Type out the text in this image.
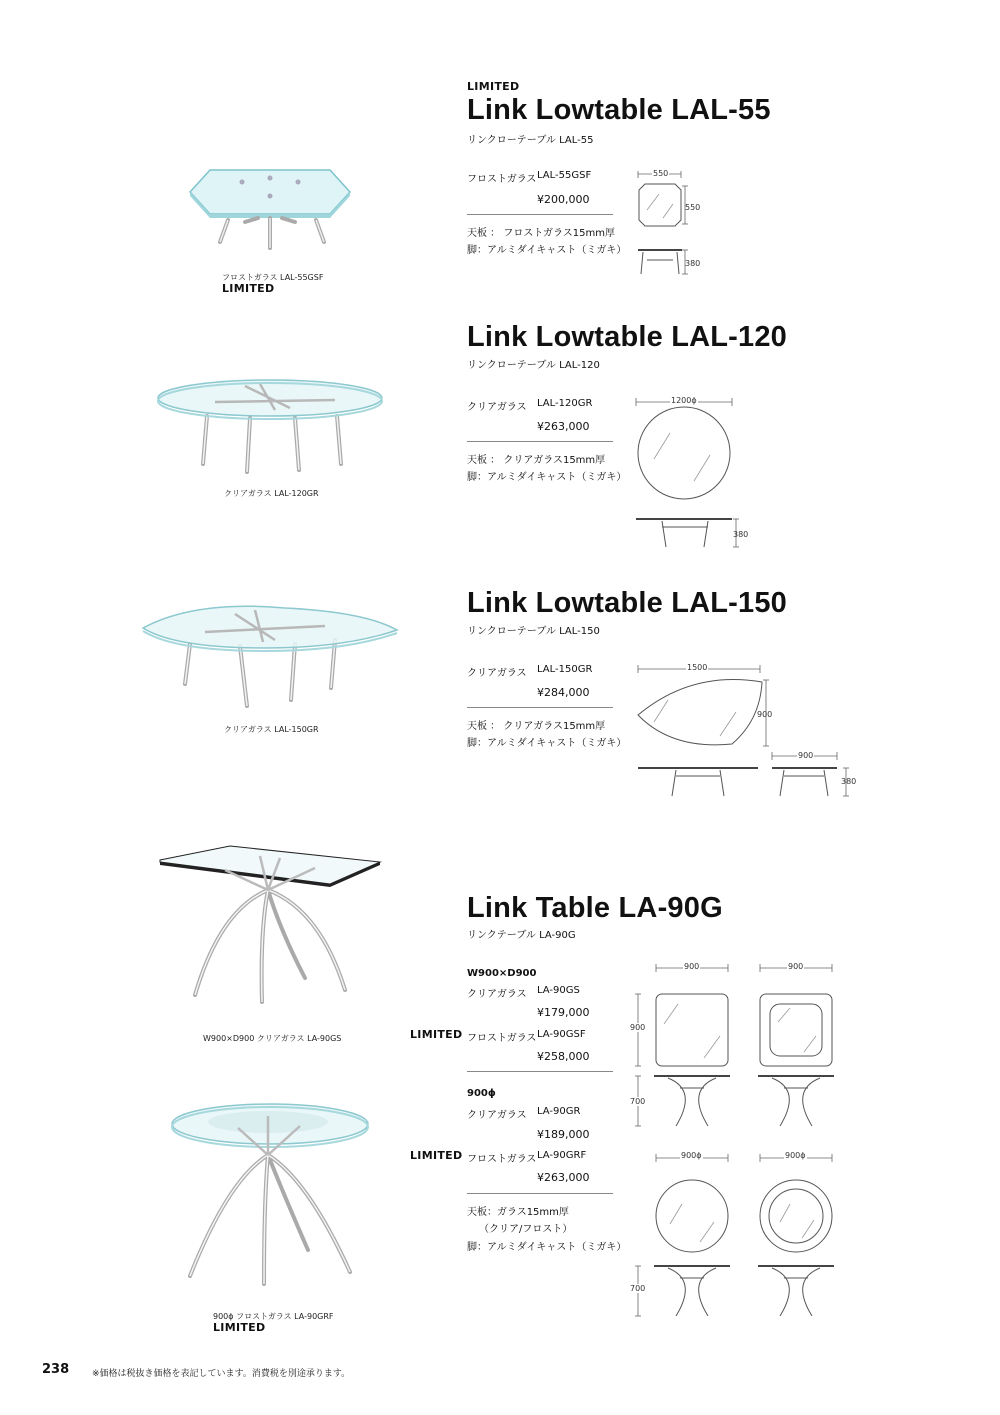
フロストガラス LAL-55GSF
LIMITED
LIMITED
Link Lowtable LAL-55
リンクローテーブル LAL-55
フロストガラス LAL-55GSF
¥200,000
天板 ： フロストガラス15mm厚
脚：アルミダイキャスト（ミガキ）
550
550
380
クリアガラス LAL-120GR
Link Lowtable LAL-120
リンクローテーブル LAL-120
クリアガラス LAL-120GR
¥263,000
天板 ： クリアガラス15mm厚
脚：アルミダイキャスト（ミガキ）
1200ϕ
380
クリアガラス LAL-150GR
Link Lowtable LAL-150
リンクローテーブル LAL-150
クリアガラス LAL-150GR
¥284,000
天板 ： クリアガラス15mm厚
脚：アルミダイキャスト（ミガキ）
1500
900
900
380
W900×D900 クリアガラス LA-90GS
900ϕ フロストガラス LA-90GRF
LIMITED
Link Table LA-90G
リンクテーブル LA-90G
W900×D900
クリアガラス LA-90GS
¥179,000
LIMITED フロストガラス LA-90GSF
¥258,000
900ϕ
クリアガラス LA-90GR
¥189,000
LIMITED フロストガラス LA-90GRF
¥263,000
天板：ガラス15mm厚
（クリア/フロスト）
脚：アルミダイキャスト（ミガキ）
900	900
900
700
900ϕ	900ϕ
700
238	※価格は税抜き価格を表記しています。消費税を別途承ります。
